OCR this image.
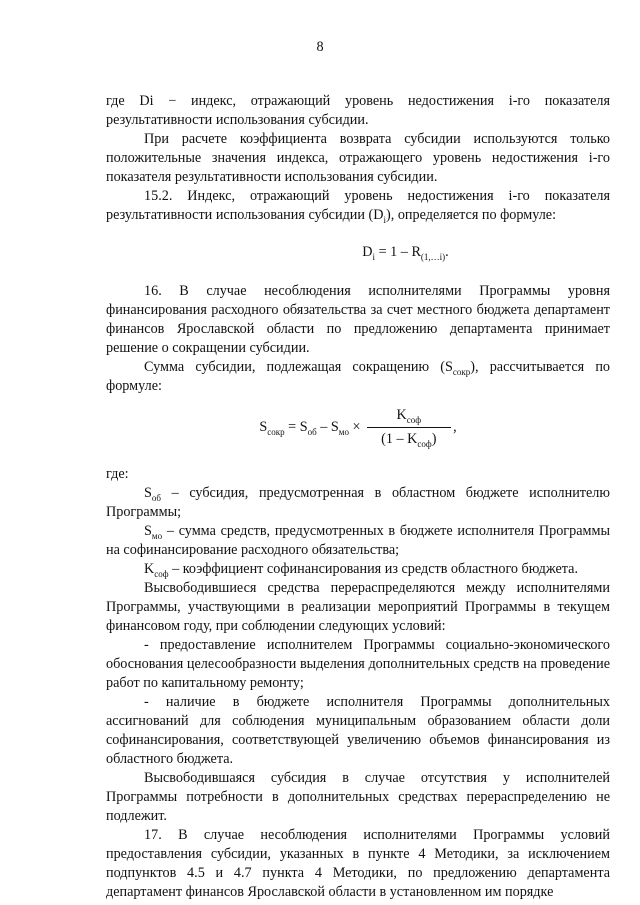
8

где Di − индекс, отражающий уровень недостижения i-го показателя результативности использования субсидии.

При расчете коэффициента возврата субсидии используются только положительные значения индекса, отражающего уровень недостижения i-го показателя результативности использования субсидии.

15.2. Индекс, отражающий уровень недостижения i-го показателя результативности использования субсидии $(D_i)$, определяется по формуле:

$D_i = 1 - R_{(1,\dots i)}$.

16. В случае несоблюдения исполнителями Программы уровня финансирования расходного обязательства за счет местного бюджета департамент финансов Ярославской области по предложению департамента принимает решение о сокращении субсидии.

Сумма субсидии, подлежащая сокращению $(S_{сокр})$, рассчитывается по формуле:

$S_{сокр} = S_{об} - S_{мо} \times \frac{K_{соф}}{(1 - K_{соф})}$ ,

где:

$S_{об}$ – субсидия, предусмотренная в областном бюджете исполнителю Программы;

$S_{мо}$ – сумма средств, предусмотренных в бюджете исполнителя Программы на софинансирование расходного обязательства;

$K_{соф}$ – коэффициент софинансирования из средств областного бюджета.

Высвободившиеся средства перераспределяются между исполнителями Программы, участвующими в реализации мероприятий Программы в текущем финансовом году, при соблюдении следующих условий:

- предоставление исполнителем Программы социально-экономического обоснования целесообразности выделения дополнительных средств на проведение работ по капитальному ремонту;

- наличие в бюджете исполнителя Программы дополнительных ассигнований для соблюдения муниципальным образованием области доли софинансирования, соответствующей увеличению объемов финансирования из областного бюджета.

Высвободившаяся субсидия в случае отсутствия у исполнителей Программы потребности в дополнительных средствах перераспределению не подлежит.

17. В случае несоблюдения исполнителями Программы условий предоставления субсидии, указанных в пункте 4 Методики, за исключением подпунктов 4.5 и 4.7 пункта 4 Методики, по предложению департамента департамент финансов Ярославской области в установленном им порядке
